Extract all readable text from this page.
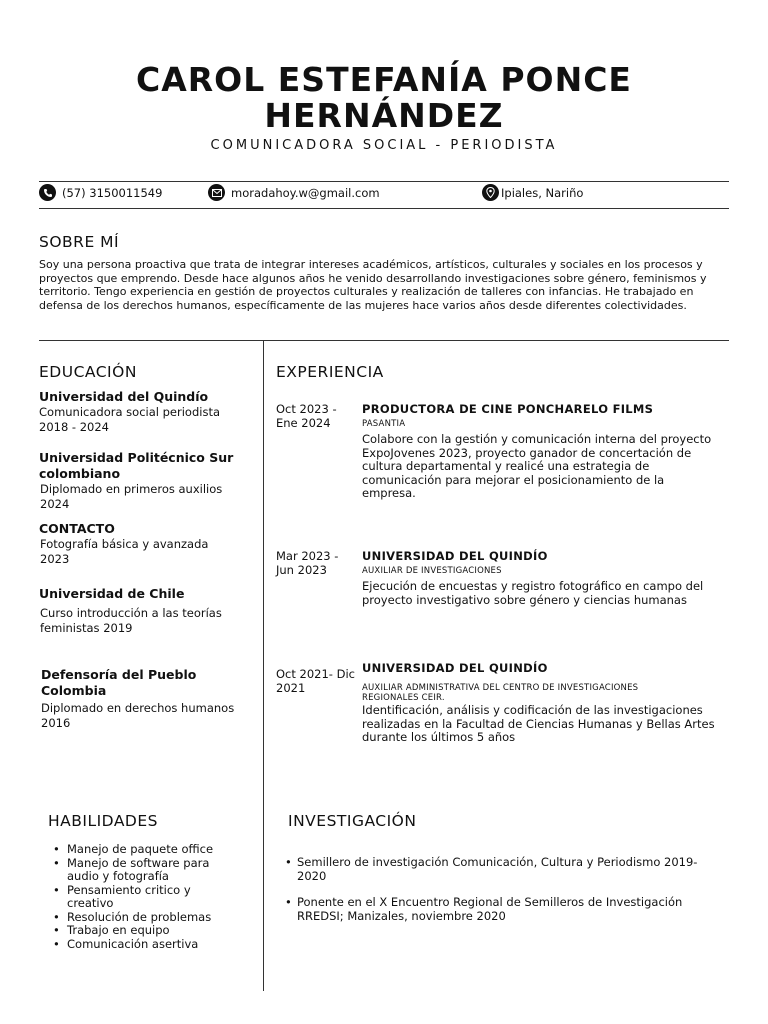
CAROL ESTEFANÍA PONCE
HERNÁNDEZ
COMUNICADORA SOCIAL - PERIODISTA
(57) 3150011549	moradahoy.w@gmail.com	Ipiales, Nariño
SOBRE MÍ
Soy una persona proactiva que trata de integrar intereses académicos, artísticos, culturales y sociales en los procesos y proyectos que emprendo. Desde hace algunos años he venido desarrollando investigaciones sobre género, feminismos y territorio. Tengo experiencia en gestión de proyectos culturales y realización de talleres con infancias. He trabajado en defensa de los derechos humanos, específicamente de las mujeres hace varios años desde diferentes colectividades.
EDUCACIÓN
Universidad del Quindío
Comunicadora social periodista
2018 - 2024
Universidad Politécnico Sur colombiano
Diplomado en primeros auxilios
2024
CONTACTO
Fotografía básica y avanzada
2023
Universidad de Chile
Curso introducción a las teorías feministas 2019
Defensoría del Pueblo Colombia
Diplomado en derechos humanos
2016
EXPERIENCIA
Oct 2023 - Ene 2024
PRODUCTORA DE CINE PONCHARELO FILMS
PASANTIA
Colabore con la gestión y comunicación interna del proyecto ExpoJovenes 2023, proyecto ganador de concertación de cultura departamental y realicé una estrategia de comunicación para mejorar el posicionamiento de la empresa.
Mar 2023 - Jun 2023
UNIVERSIDAD DEL QUINDÍO
AUXILIAR DE INVESTIGACIONES
Ejecución de encuestas y registro fotográfico en campo del proyecto investigativo sobre género y ciencias humanas
Oct 2021- Dic 2021
UNIVERSIDAD DEL QUINDÍO
AUXILIAR ADMINISTRATIVA DEL CENTRO DE INVESTIGACIONES REGIONALES CEIR.
Identificación, análisis y codificación de las investigaciones realizadas en la Facultad de Ciencias Humanas y Bellas Artes durante los últimos 5 años
HABILIDADES
• Manejo de paquete office
• Manejo de software para audio y fotografía
• Pensamiento critico y creativo
• Resolución de problemas
• Trabajo en equipo
• Comunicación asertiva
INVESTIGACIÓN
• Semillero de investigación Comunicación, Cultura y Periodismo 2019-2020
• Ponente en el X Encuentro Regional de Semilleros de Investigación RREDSI; Manizales, noviembre 2020
